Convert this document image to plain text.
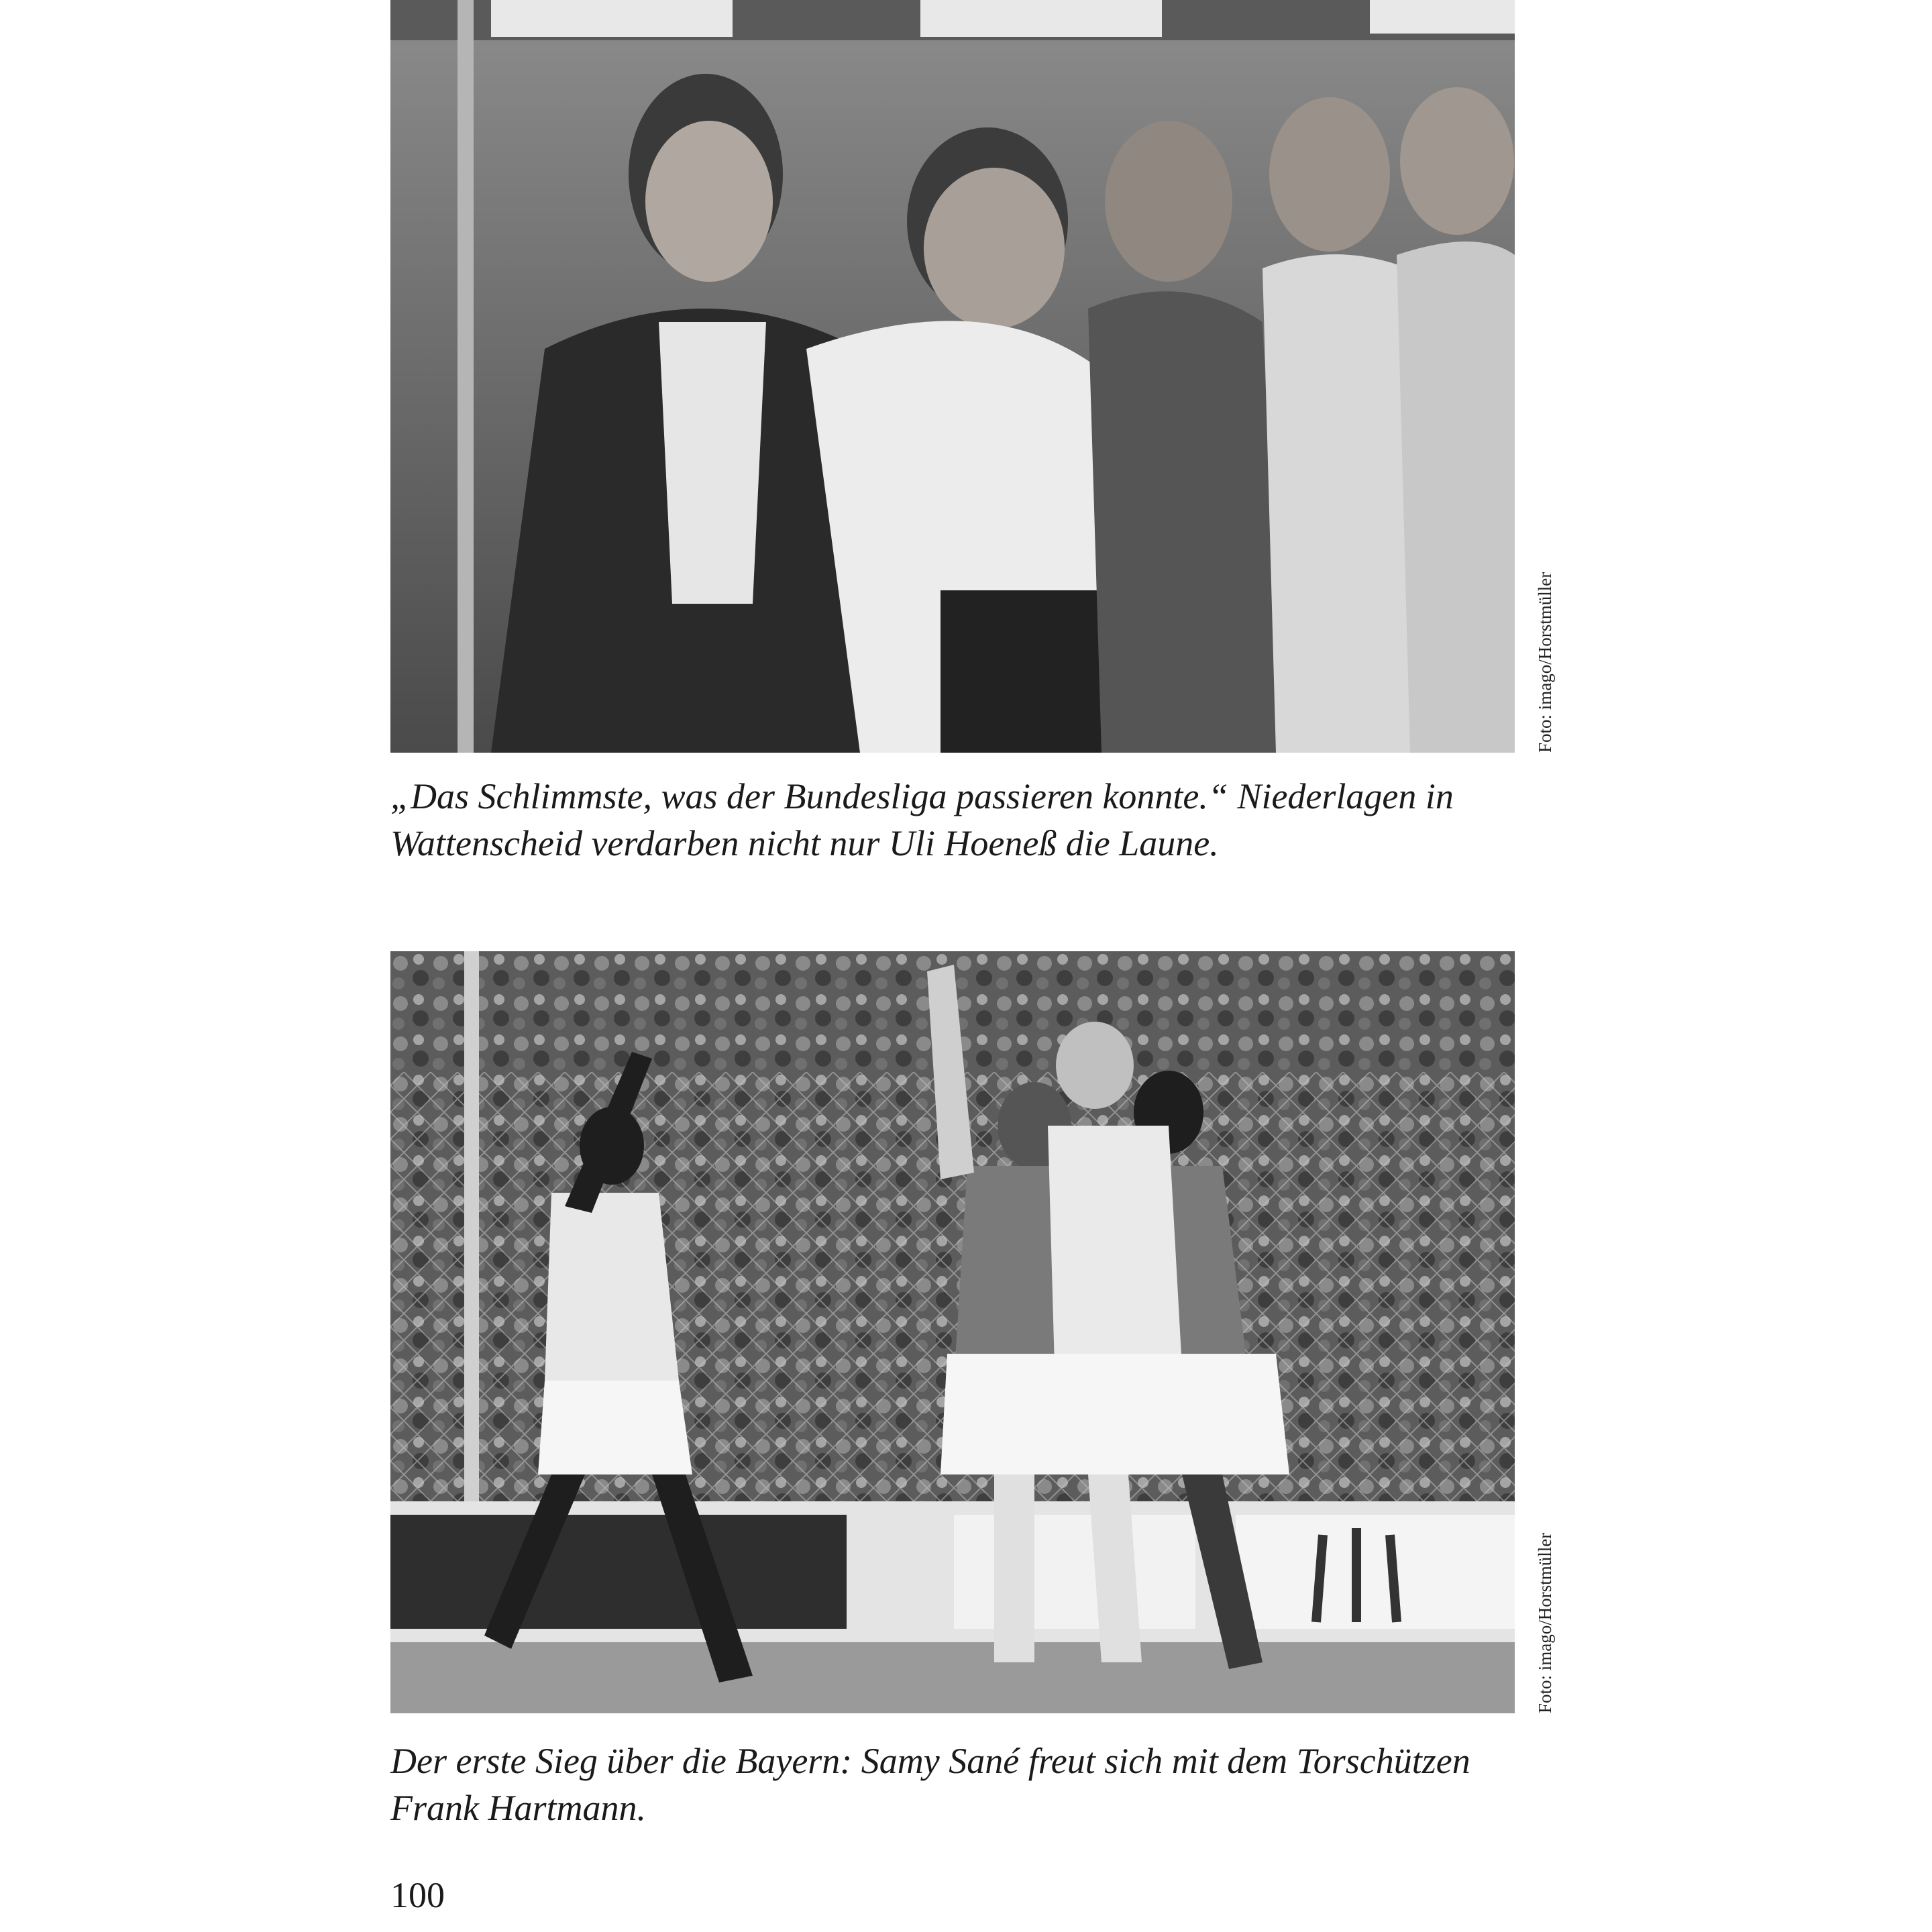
Foto: imago/Horstmüller

„Das Schlimmste, was der Bundesliga passieren konnte.“ Niederlagen in
Wattenscheid verdarben nicht nur Uli Hoeneß die Laune.

Foto: imago/Horstmüller

Der erste Sieg über die Bayern: Samy Sané freut sich mit dem Torschützen
Frank Hartmann.

100
